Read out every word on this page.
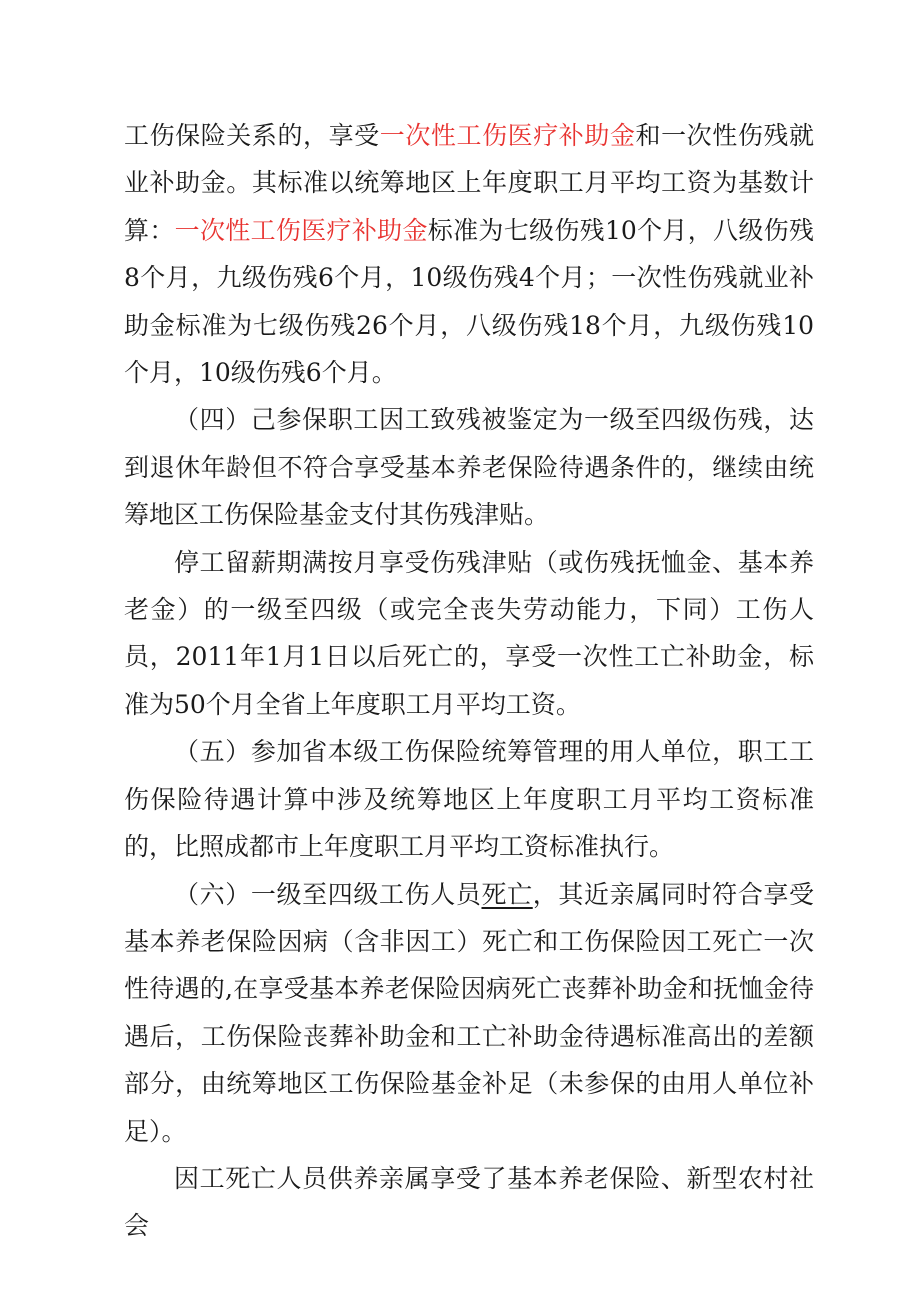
工伤保险关系的，享受一次性工伤医疗补助金和一次性伤残就业补助金。其标准以统筹地区上年度职工月平均工资为基数计算：一次性工伤医疗补助金标准为七级伤残10个月，八级伤残8个月，九级伤残6个月，10级伤残4个月；一次性伤残就业补助金标准为七级伤残26个月，八级伤残18个月，九级伤残10个月，10级伤残6个月。

（四）己参保职工因工致残被鉴定为一级至四级伤残，达到退休年龄但不符合享受基本养老保险待遇条件的，继续由统筹地区工伤保险基金支付其伤残津贴。

停工留薪期满按月享受伤残津贴（或伤残抚恤金、基本养老金）的一级至四级（或完全丧失劳动能力，下同）工伤人员，2011年1月1日以后死亡的，享受一次性工亡补助金，标准为50个月全省上年度职工月平均工资。

（五）参加省本级工伤保险统筹管理的用人单位，职工工伤保险待遇计算中涉及统筹地区上年度职工月平均工资标准的，比照成都市上年度职工月平均工资标准执行。

（六）一级至四级工伤人员死亡，其近亲属同时符合享受基本养老保险因病（含非因工）死亡和工伤保险因工死亡一次性待遇的,在享受基本养老保险因病死亡丧葬补助金和抚恤金待遇后，工伤保险丧葬补助金和工亡补助金待遇标准高出的差额部分，由统筹地区工伤保险基金补足（未参保的由用人单位补足）。

因工死亡人员供养亲属享受了基本养老保险、新型农村社会
